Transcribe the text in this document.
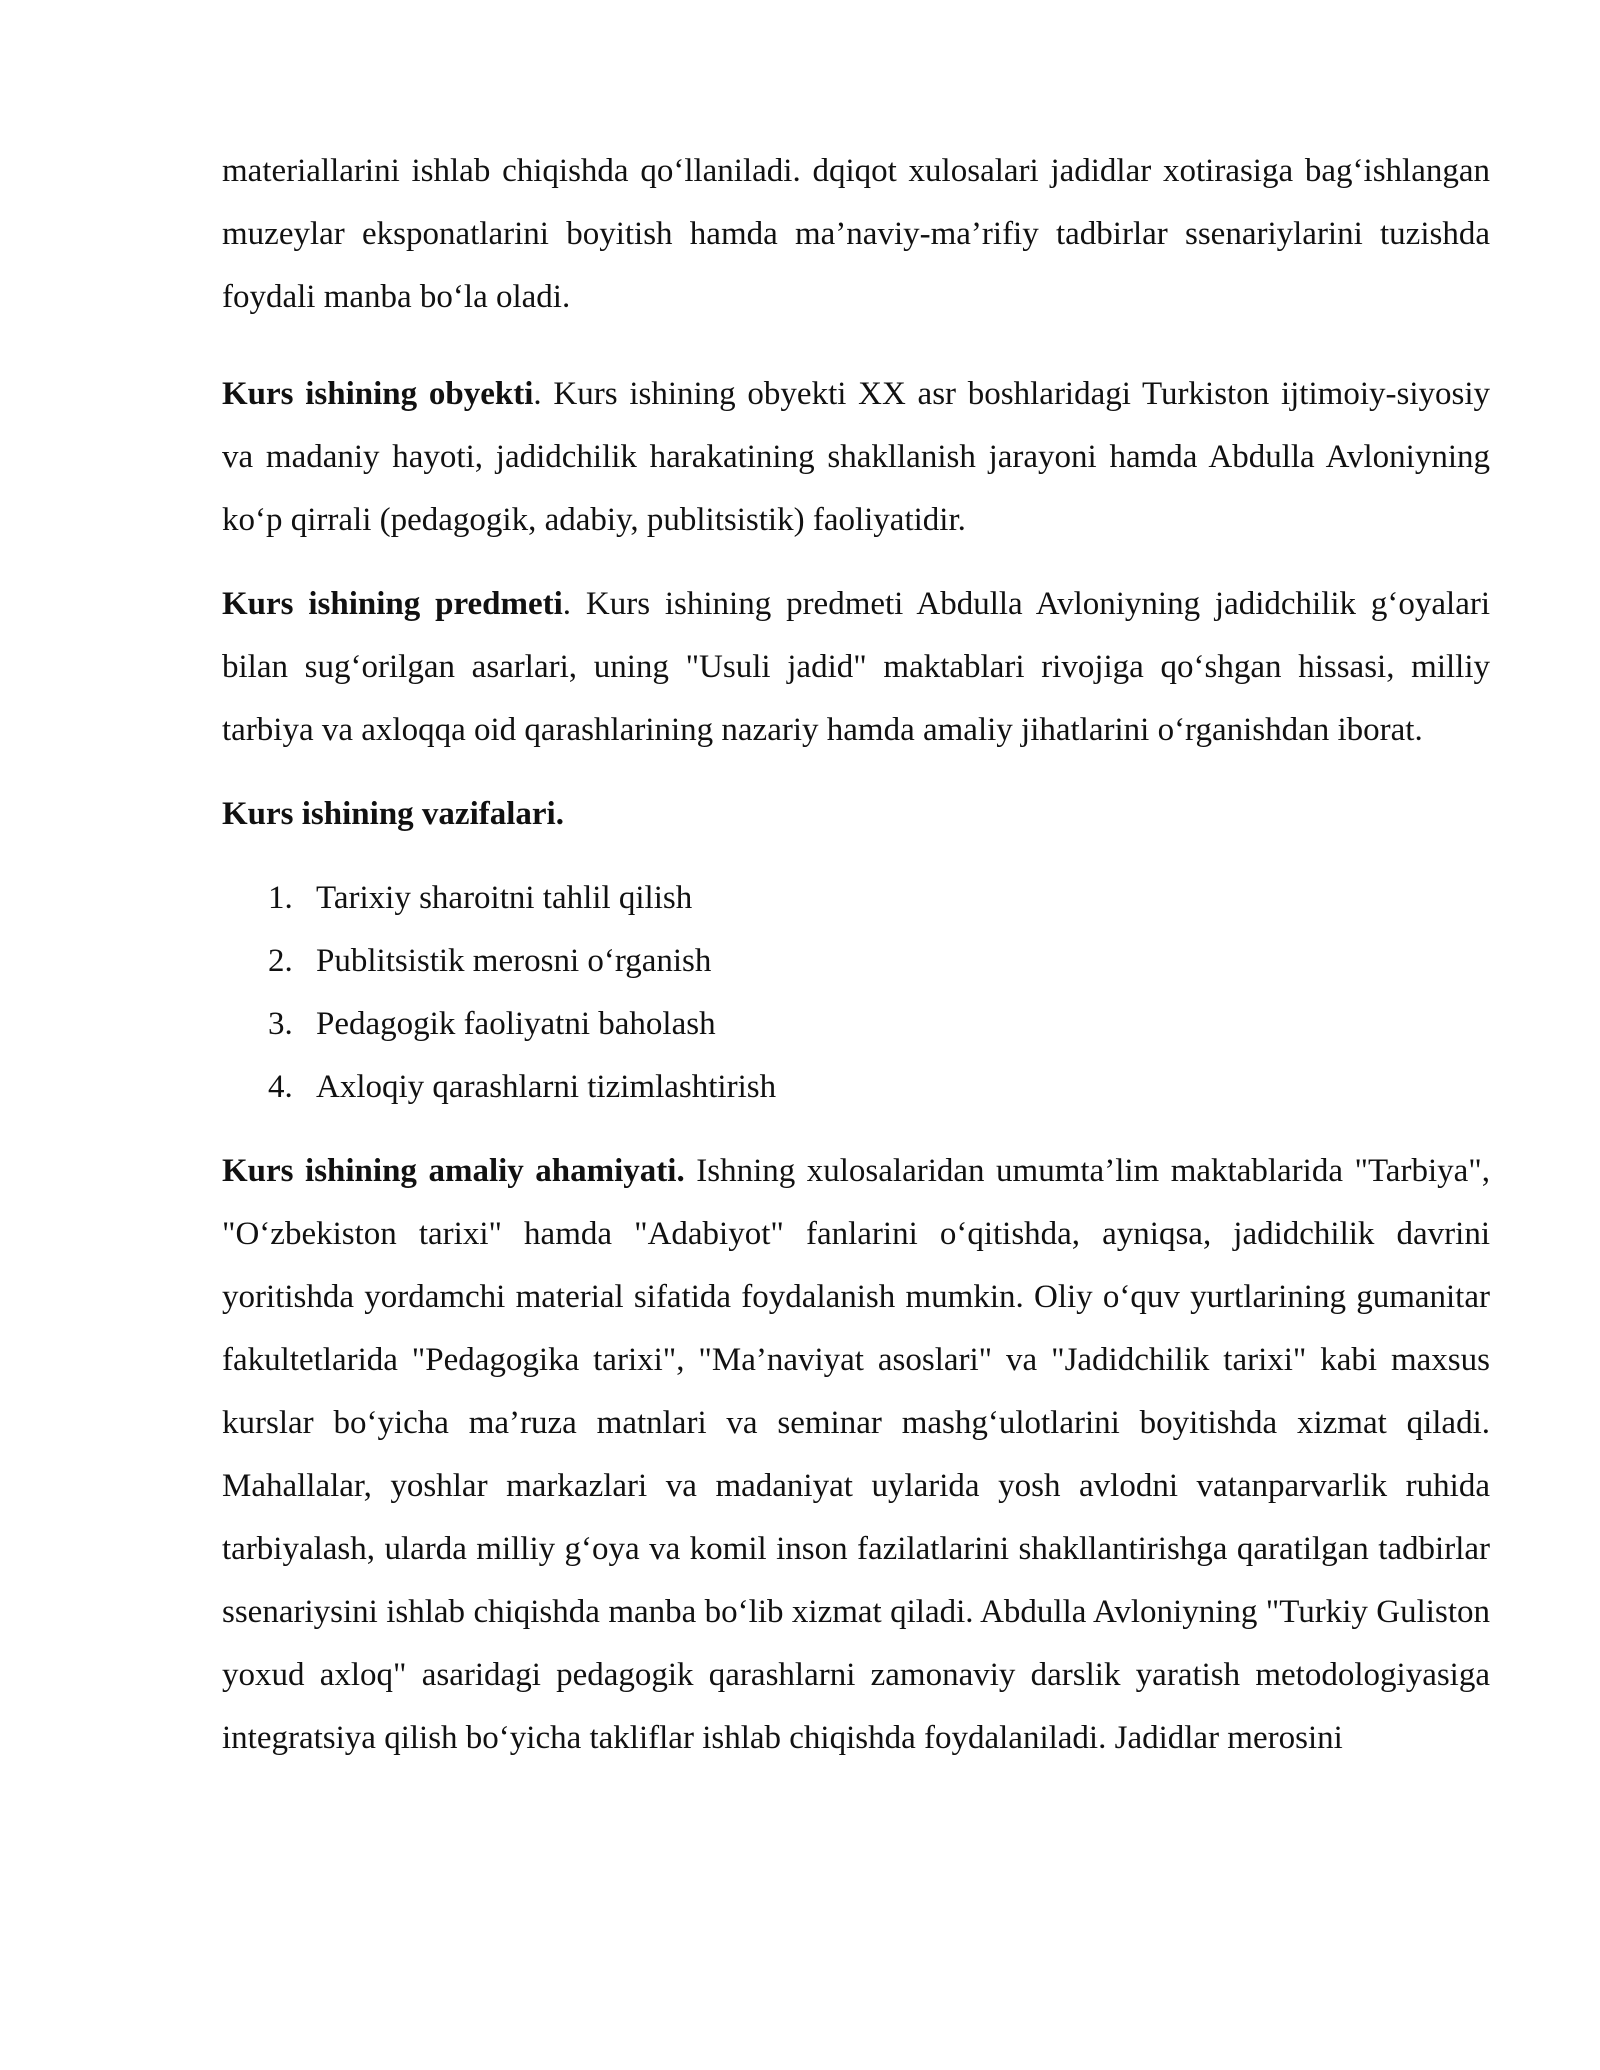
materiallarini ishlab chiqishda qo‘llaniladi. dqiqot xulosalari jadidlar xotirasiga bag‘ishlangan muzeylar eksponatlarini boyitish hamda ma’naviy-ma’rifiy tadbirlar ssenariylarini tuzishda foydali manba bo‘la oladi.

Kurs ishining obyekti. Kurs ishining obyekti XX asr boshlaridagi Turkiston ijtimoiy-siyosiy va madaniy hayoti, jadidchilik harakatining shakllanish jarayoni hamda Abdulla Avloniyning ko‘p qirrali (pedagogik, adabiy, publitsistik) faoliyatidir.

Kurs ishining predmeti. Kurs ishining predmeti Abdulla Avloniyning jadidchilik g‘oyalari bilan sug‘orilgan asarlari, uning "Usuli jadid" maktablari rivojiga qo‘shgan hissasi, milliy tarbiya va axloqqa oid qarashlarining nazariy hamda amaliy jihatlarini o‘rganishdan iborat.

Kurs ishining vazifalari.

1. Tarixiy sharoitni tahlil qilish
2. Publitsistik merosni o‘rganish
3. Pedagogik faoliyatni baholash
4. Axloqiy qarashlarni tizimlashtirish

Kurs ishining amaliy ahamiyati. Ishning xulosalaridan umumta’lim maktablarida "Tarbiya", "O‘zbekiston tarixi" hamda "Adabiyot" fanlarini o‘qitishda, ayniqsa, jadidchilik davrini yoritishda yordamchi material sifatida foydalanish mumkin. Oliy o‘quv yurtlarining gumanitar fakultetlarida "Pedagogika tarixi", "Ma’naviyat asoslari" va "Jadidchilik tarixi" kabi maxsus kurslar bo‘yicha ma’ruza matnlari va seminar mashg‘ulotlarini boyitishda xizmat qiladi. Mahallalar, yoshlar markazlari va madaniyat uylarida yosh avlodni vatanparvarlik ruhida tarbiyalash, ularda milliy g‘oya va komil inson fazilatlarini shakllantirishga qaratilgan tadbirlar ssenariysini ishlab chiqishda manba bo‘lib xizmat qiladi. Abdulla Avloniyning "Turkiy Guliston yoxud axloq" asaridagi pedagogik qarashlarni zamonaviy darslik yaratish metodologiyasiga integratsiya qilish bo‘yicha takliflar ishlab chiqishda foydalaniladi. Jadidlar merosini
